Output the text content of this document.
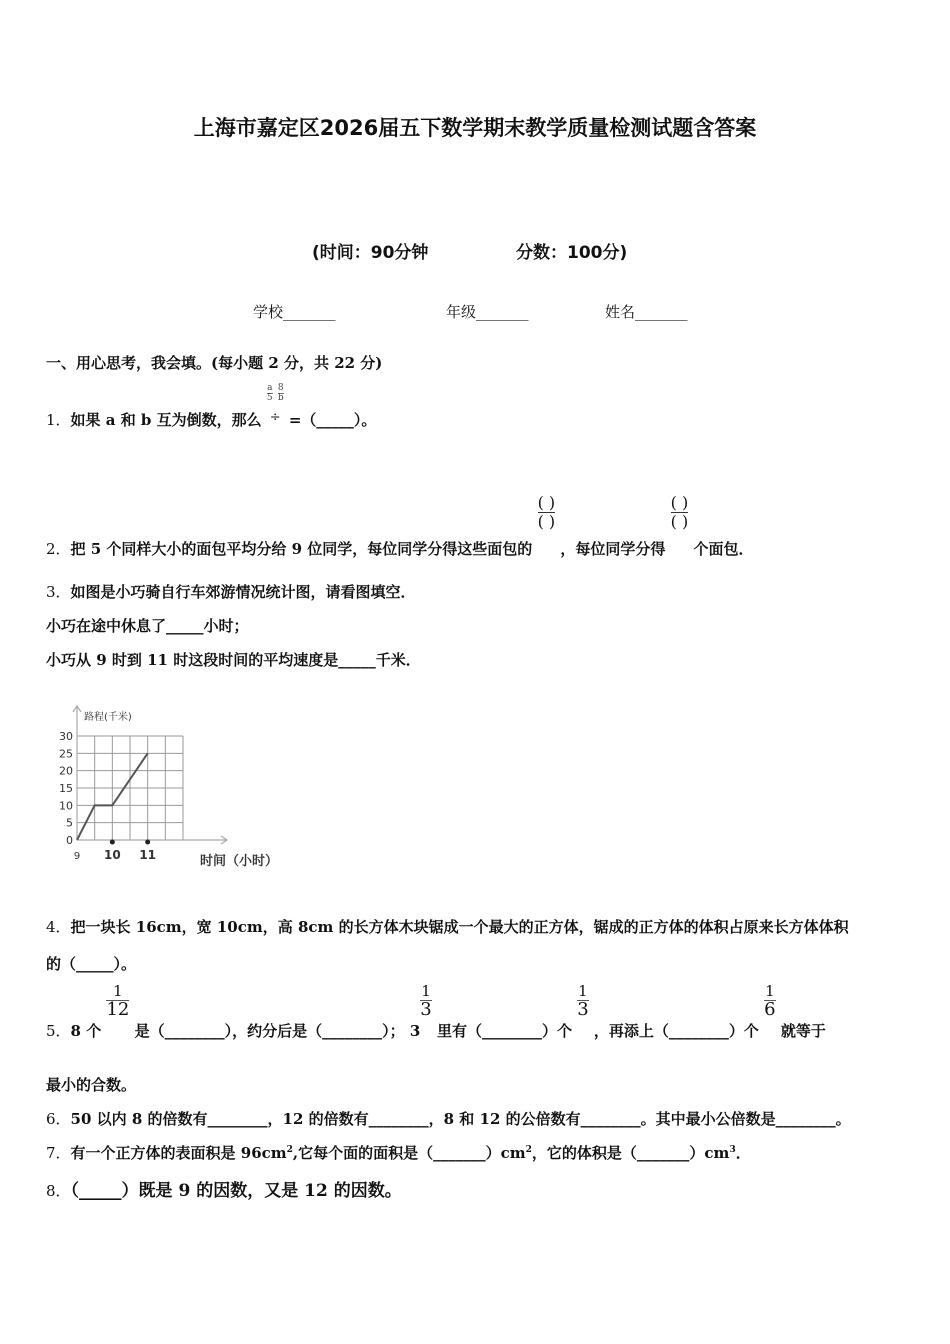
上海市嘉定区2026届五下数学期末教学质量检测试题含答案
(时间：90分钟	分数：100分)
学校_______	年级_______	姓名_______
一、用心思考，我会填。(每小题 2 分，共 22 分)
1．如果 a 和 b 互为倒数，那么 $\frac{a}{5} \frac{8}{b}$

÷ =（_____）。
2．把 5 个同样大小的面包平均分给 9 位同学，每位同学分得这些面包的 ( )
( )
，每位同学分得 ( )
( )
个面包．
3．如图是小巧骑自行车郊游情况统计图，请看图填空．
小巧在途中休息了_____小时；
小巧从 9 时到 11 时这段时间的平均速度是_____千米．
0
5
10
15
20
25
30
9 10 11
路程(千米)
时间（小时）
4．把一块长 16cm，宽 10cm，高 8cm 的长方体木块锯成一个最大的正方体，锯成的正方体的体积占原来长方体体积
的（_____）。
5．8 个
1
12
是（________），约分后是（________）； 3
1
3
里有（________）个
1
3
，再添上（________）个
1
6
就等于
最小的合数。
6．50 以内 8 的倍数有________，12 的倍数有________，8 和 12 的公倍数有________。其中最小公倍数是________。
7．有一个正方体的表面积是 $96cm^2$,它每个面的面积是$(\_\_\_\_\_\_\_)cm^2$，它的体积是$(\_\_\_\_\_\_\_)cm^3$．
8．（_____）既是 9 的因数，又是 12 的因数。
